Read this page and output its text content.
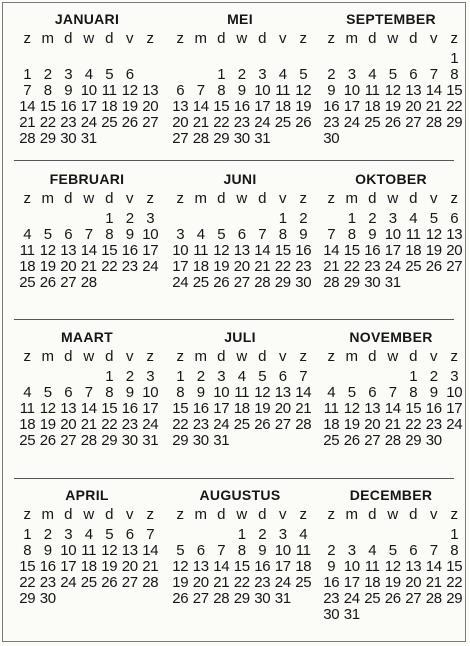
JANUARI
z m d w d v z
1 2 3 4 5 6
7 8 9 10 11 12 13
14 15 16 17 18 19 20
21 22 23 24 25 26 27
28 29 30 31
MEI
z m d w d v z
1 2 3 4 5
6 7 8 9 10 11 12
13 14 15 16 17 18 19
20 21 22 23 24 25 26
27 28 29 30 31
SEPTEMBER
z m d w d v z
1
2 3 4 5 6 7 8
9 10 11 12 13 14 15
16 17 18 19 20 21 22
23 24 25 26 27 28 29
30
FEBRUARI
z m d w d v z
1 2 3
4 5 6 7 8 9 10
11 12 13 14 15 16 17
18 19 20 21 22 23 24
25 26 27 28
JUNI
z m d w d v z
1 2
3 4 5 6 7 8 9
10 11 12 13 14 15 16
17 18 19 20 21 22 23
24 25 26 27 28 29 30
OKTOBER
z m d w d v z
1 2 3 4 5 6
7 8 9 10 11 12 13
14 15 16 17 18 19 20
21 22 23 24 25 26 27
28 29 30 31
MAART
z m d w d v z
1 2 3
4 5 6 7 8 9 10
11 12 13 14 15 16 17
18 19 20 21 22 23 24
25 26 27 28 29 30 31
JULI
z m d w d v z
1 2 3 4 5 6 7
8 9 10 11 12 13 14
15 16 17 18 19 20 21
22 23 24 25 26 27 28
29 30 31
NOVEMBER
z m d w d v z
1 2 3
4 5 6 7 8 9 10
11 12 13 14 15 16 17
18 19 20 21 22 23 24
25 26 27 28 29 30
APRIL
z m d w d v z
1 2 3 4 5 6 7
8 9 10 11 12 13 14
15 16 17 18 19 20 21
22 23 24 25 26 27 28
29 30
AUGUSTUS
z m d w d v z
1 2 3 4
5 6 7 8 9 10 11
12 13 14 15 16 17 18
19 20 21 22 23 24 25
26 27 28 29 30 31
DECEMBER
z m d w d v z
1
2 3 4 5 6 7 8
9 10 11 12 13 14 15
16 17 18 19 20 21 22
23 24 25 26 27 28 29
30 31
